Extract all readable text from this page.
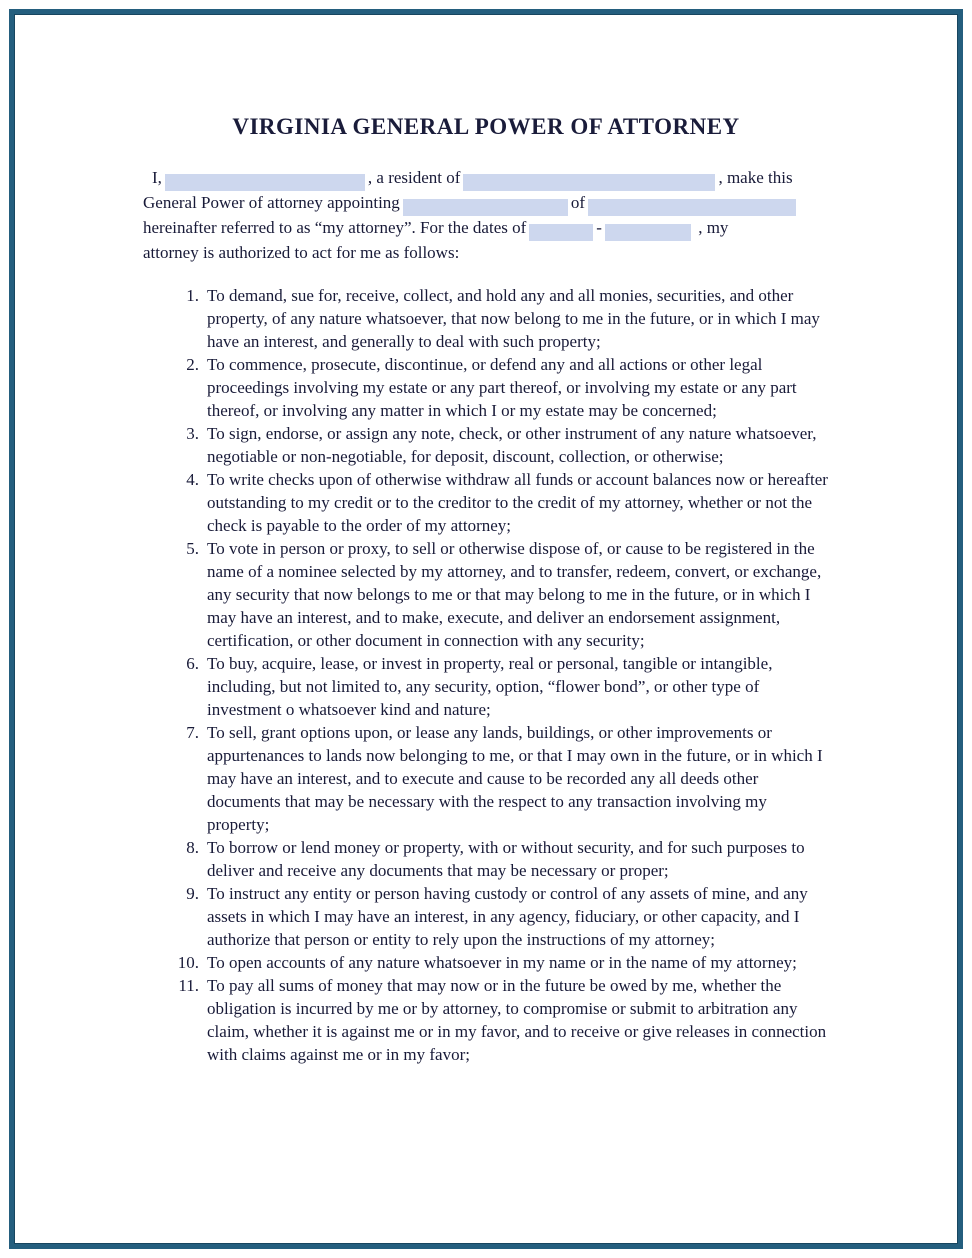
VIRGINIA GENERAL POWER OF ATTORNEY
I,	, a resident of	, make this
General Power of attorney appointing	of
hereinafter referred to as “my attorney”. For the dates of	-	, my
attorney is authorized to act for me as follows:
1. To demand, sue for, receive, collect, and hold any and all monies, securities, and other property, of any nature whatsoever, that now belong to me in the future, or in which I may have an interest, and generally to deal with such property;
2. To commence, prosecute, discontinue, or defend any and all actions or other legal proceedings involving my estate or any part thereof, or involving my estate or any part thereof, or involving any matter in which I or my estate may be concerned;
3. To sign, endorse, or assign any note, check, or other instrument of any nature whatsoever, negotiable or non-negotiable, for deposit, discount, collection, or otherwise;
4. To write checks upon of otherwise withdraw all funds or account balances now or hereafter outstanding to my credit or to the creditor to the credit of my attorney, whether or not the check is payable to the order of my attorney;
5. To vote in person or proxy, to sell or otherwise dispose of, or cause to be registered in the name of a nominee selected by my attorney, and to transfer, redeem, convert, or exchange, any security that now belongs to me or that may belong to me in the future, or in which I may have an interest, and to make, execute, and deliver an endorsement assignment, certification, or other document in connection with any security;
6. To buy, acquire, lease, or invest in property, real or personal, tangible or intangible, including, but not limited to, any security, option, “flower bond”, or other type of investment o whatsoever kind and nature;
7. To sell, grant options upon, or lease any lands, buildings, or other improvements or appurtenances to lands now belonging to me, or that I may own in the future, or in which I may have an interest, and to execute and cause to be recorded any all deeds other documents that may be necessary with the respect to any transaction involving my property;
8. To borrow or lend money or property, with or without security, and for such purposes to deliver and receive any documents that may be necessary or proper;
9. To instruct any entity or person having custody or control of any assets of mine, and any assets in which I may have an interest, in any agency, fiduciary, or other capacity, and I authorize that person or entity to rely upon the instructions of my attorney;
10. To open accounts of any nature whatsoever in my name or in the name of my attorney;
11. To pay all sums of money that may now or in the future be owed by me, whether the obligation is incurred by me or by attorney, to compromise or submit to arbitration any claim, whether it is against me or in my favor, and to receive or give releases in connection with claims against me or in my favor;
